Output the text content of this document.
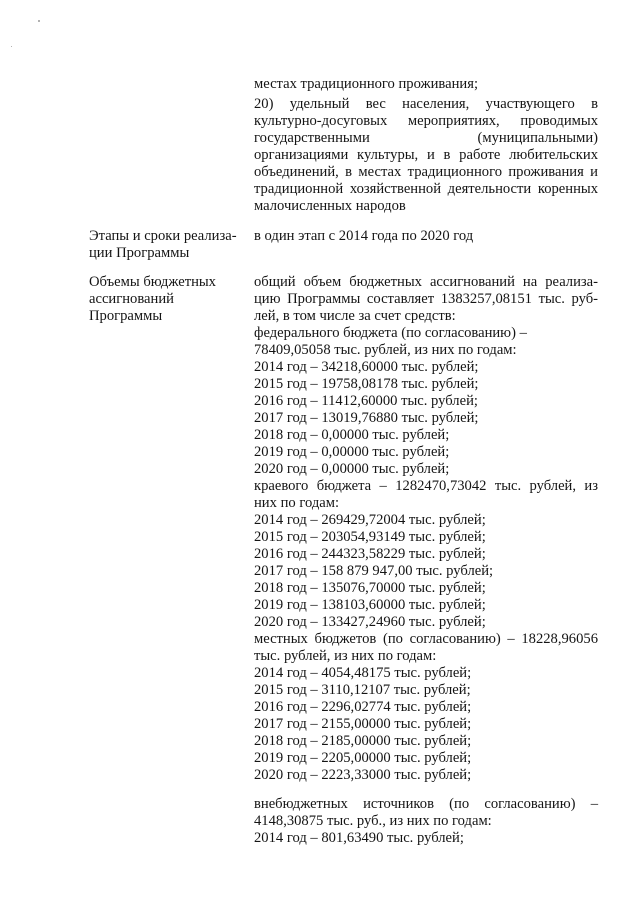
местах традиционного проживания;
20) удельный вес населения, участвующего в
культурно-досуговых мероприятиях, проводимых
государственными	(муниципальными)
организациями культуры, и в работе любительских
объединений, в местах традиционного проживания и
традиционной хозяйственной деятельности коренных
малочисленных народов
Этапы и сроки реализа-
ции Программы
в один этап с 2014 года по 2020 год
Объемы бюджетных
ассигнований
Программы
общий объем бюджетных ассигнований на реализа-
цию Программы составляет 1383257,08151 тыс. руб-
лей, в том числе за счет средств:
федерального бюджета (по согласованию) –
78409,05058 тыс. рублей, из них по годам:
2014 год – 34218,60000 тыс. рублей;
2015 год – 19758,08178 тыс. рублей;
2016 год – 11412,60000 тыс. рублей;
2017 год – 13019,76880 тыс. рублей;
2018 год – 0,00000 тыс. рублей;
2019 год – 0,00000 тыс. рублей;
2020 год – 0,00000 тыс. рублей;
краевого бюджета – 1282470,73042 тыс. рублей, из
них по годам:
2014 год – 269429,72004 тыс. рублей;
2015 год – 203054,93149 тыс. рублей;
2016 год – 244323,58229 тыс. рублей;
2017 год – 158 879 947,00 тыс. рублей;
2018 год – 135076,70000 тыс. рублей;
2019 год – 138103,60000 тыс. рублей;
2020 год – 133427,24960 тыс. рублей;
местных бюджетов (по согласованию) – 18228,96056
тыс. рублей, из них по годам:
2014 год – 4054,48175 тыс. рублей;
2015 год – 3110,12107 тыс. рублей;
2016 год – 2296,02774 тыс. рублей;
2017 год – 2155,00000 тыс. рублей;
2018 год – 2185,00000 тыс. рублей;
2019 год – 2205,00000 тыс. рублей;
2020 год – 2223,33000 тыс. рублей;
внебюджетных источников (по согласованию) –
4148,30875 тыс. руб., из них по годам:
2014 год – 801,63490 тыс. рублей;
